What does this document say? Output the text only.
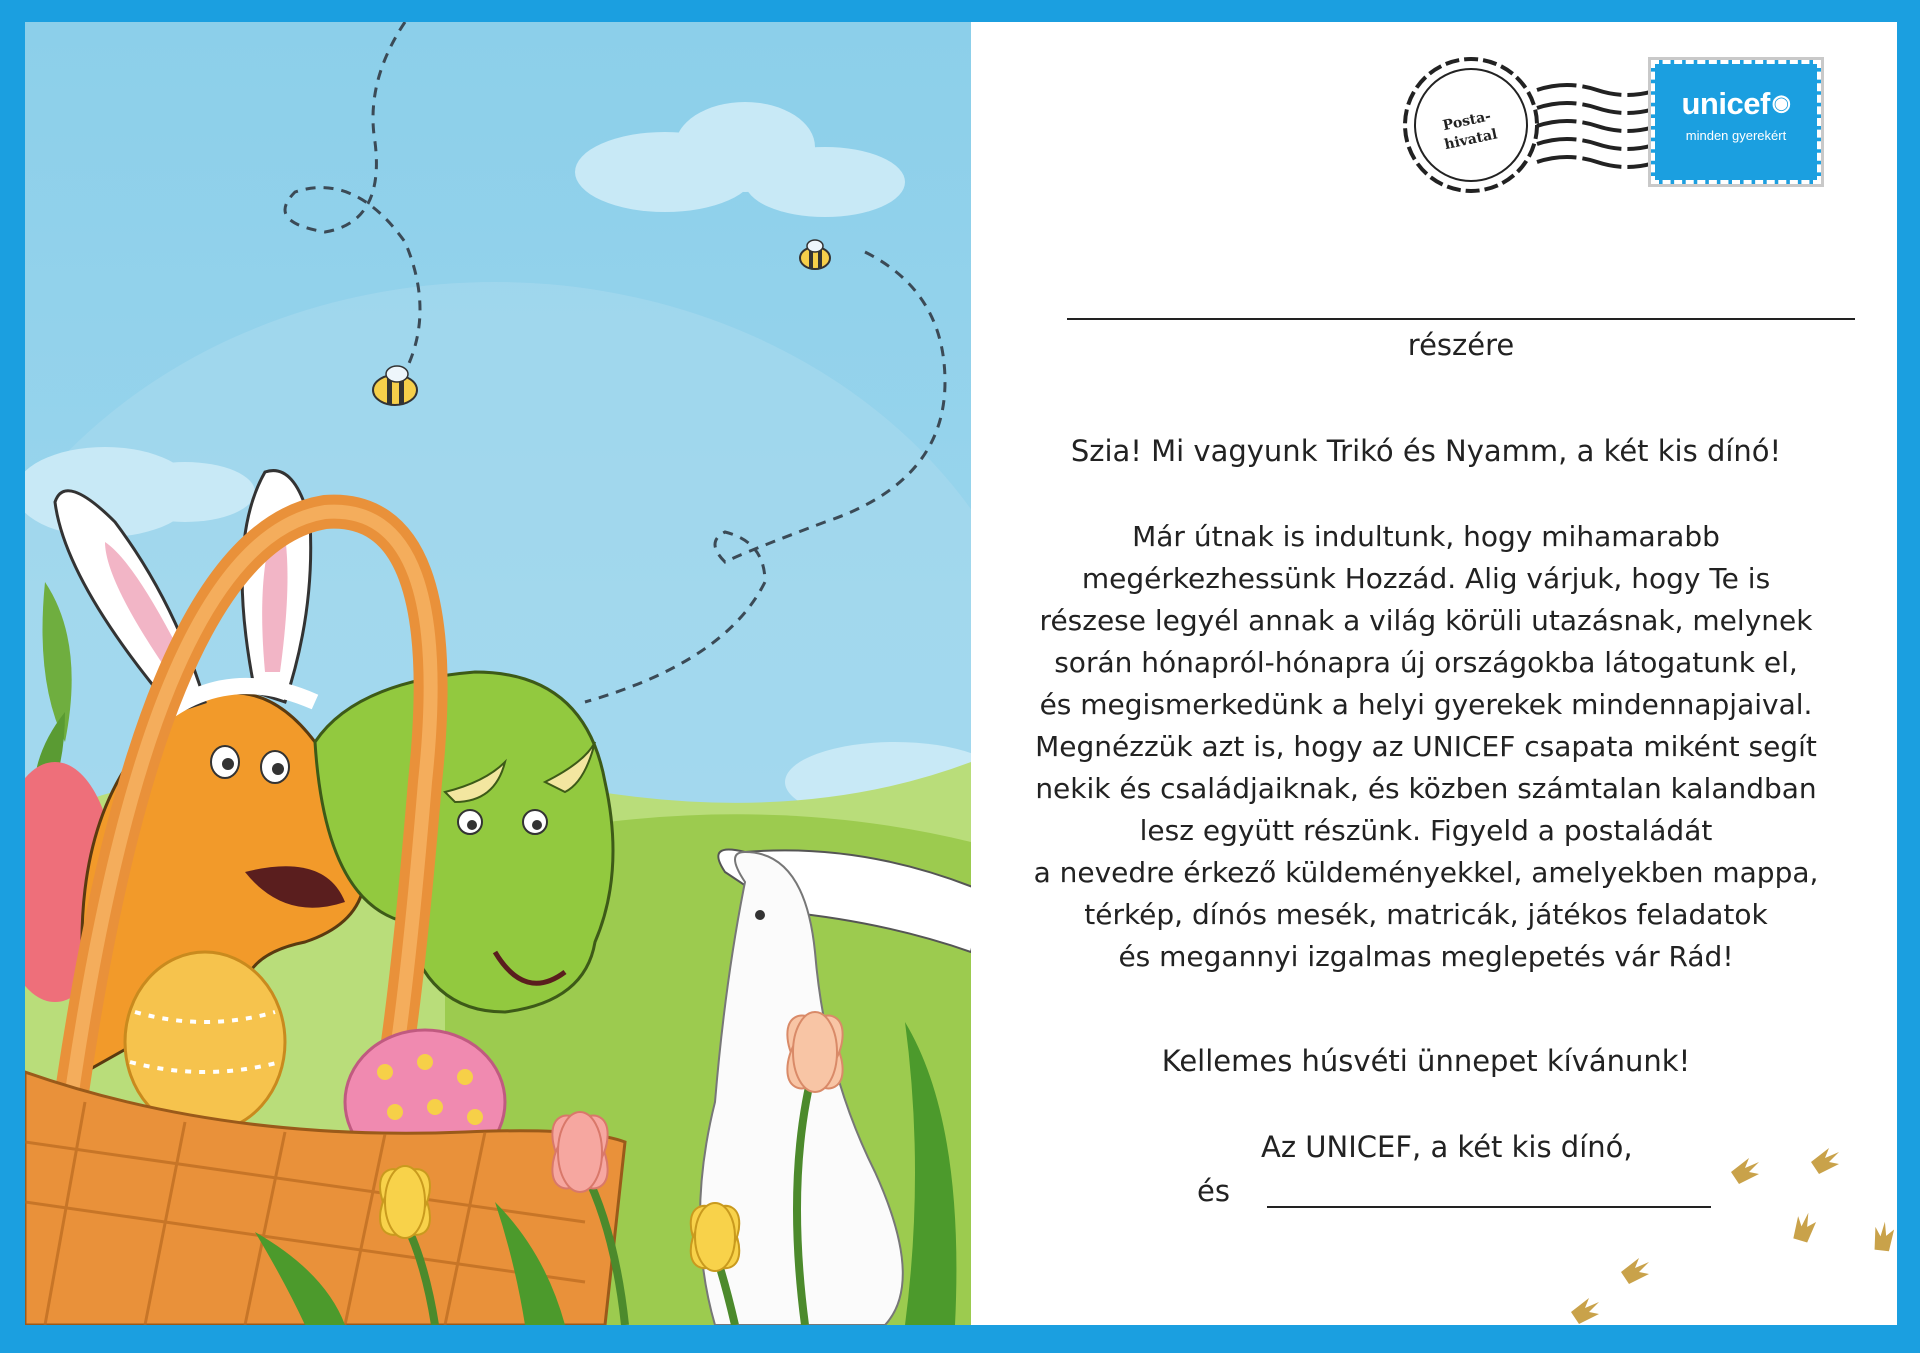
Posta-
hivatal
unicef◉
minden gyerekért
részére
Szia! Mi vagyunk Trikó és Nyamm, a két kis dínó!

Már útnak is indultunk, hogy mihamarabb
megérkezhessünk Hozzád. Alig várjuk, hogy Te is
részese legyél annak a világ körüli utazásnak, melynek
során hónapról-hónapra új országokba látogatunk el,
és megismerkedünk a helyi gyerekek mindennapjaival.
Megnézzük azt is, hogy az UNICEF csapata miként segít
nekik és családjaiknak, és közben számtalan kalandban
lesz együtt részünk. Figyeld a postaládát
a nevedre érkező küldeményekkel, amelyekben mappa,
térkép, dínós mesék, matricák, játékos feladatok
és megannyi izgalmas meglepetés vár Rád!

Kellemes húsvéti ünnepet kívánunk!
Az UNICEF, a két kis dínó,
és
